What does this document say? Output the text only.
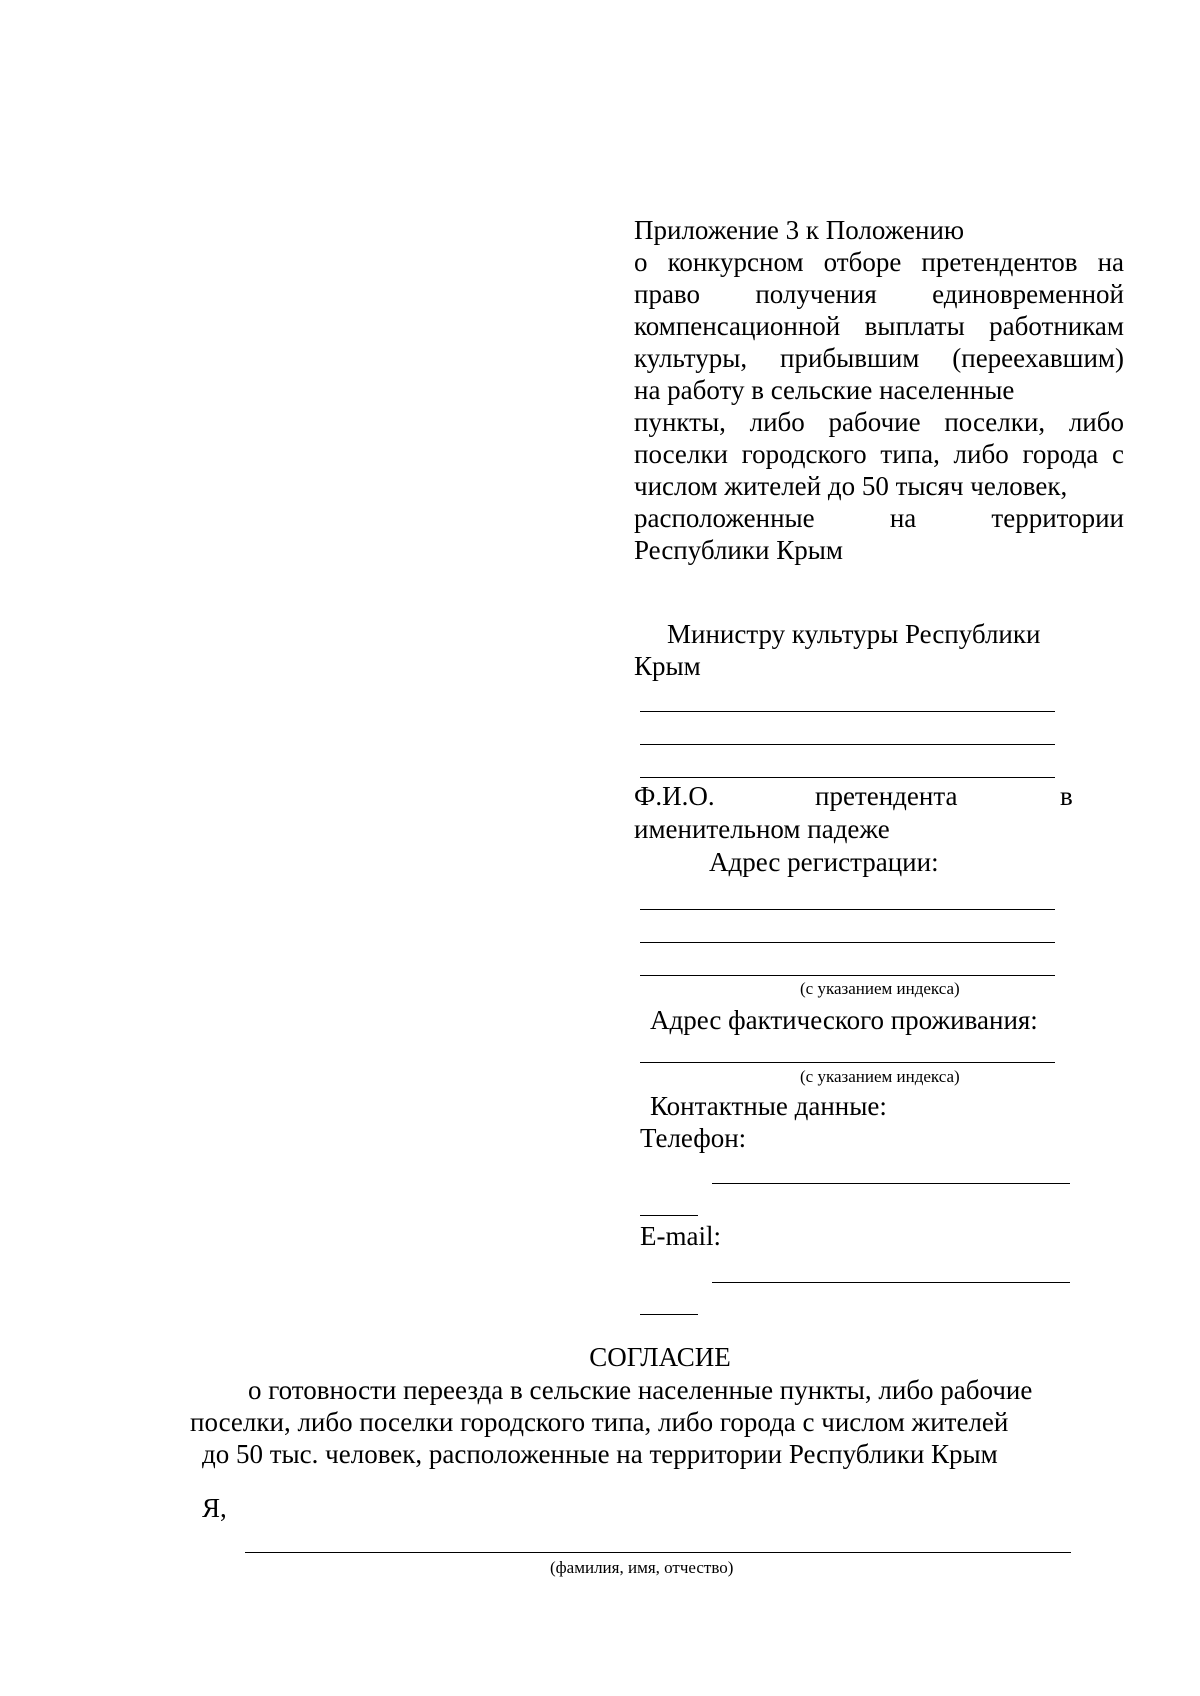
Приложение 3 к Положению
о конкурсном отборе претендентов на
право получения единовременной
компенсационной выплаты работникам
культуры, прибывшим (переехавшим)
на работу в сельские населенные
пункты, либо рабочие поселки, либо
поселки городского типа, либо города с
числом жителей до 50 тысяч человек,
расположенные на территории
Республики Крым
Министру культуры Республики
Крым
Ф.И.О.	претендента	в
именительном падеже
Адрес регистрации:
(с указанием индекса)
Адрес фактического проживания:
(с указанием индекса)
Контактные данные:
Телефон:
E-mail:
СОГЛАСИЕ
о готовности переезда в сельские населенные пункты, либо рабочие
поселки, либо поселки городского типа, либо города с числом жителей
до 50 тыс. человек, расположенные на территории Республики Крым
Я,
(фамилия, имя, отчество)
